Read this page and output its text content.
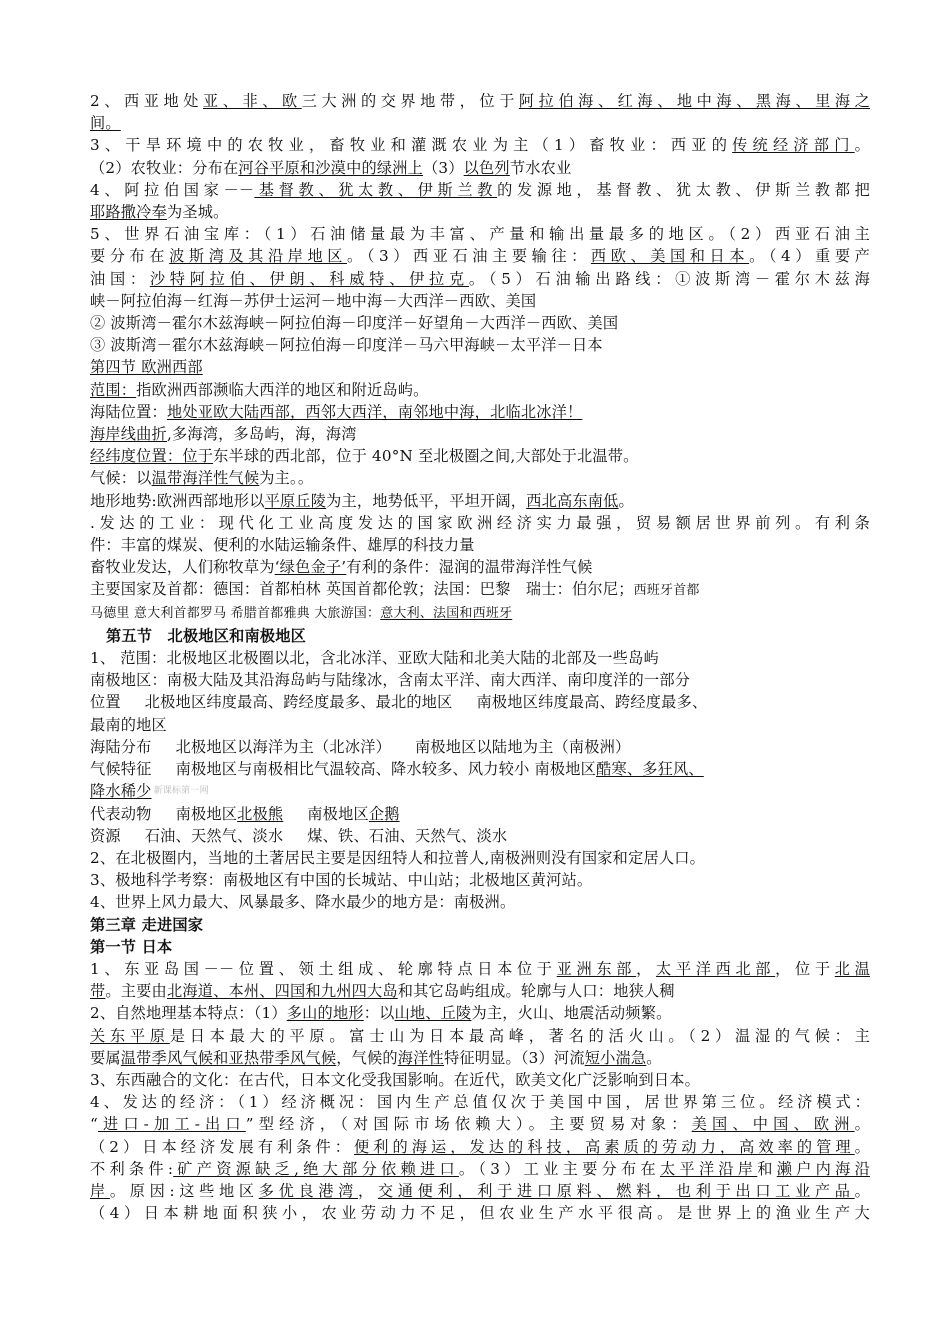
2、西亚地处亚、非、欧三大洲的交界地带，位于阿拉伯海、红海、地中海、黑海、里海之
间。
3、干旱环境中的农牧业，畜牧业和灌溉农业为主（1）畜牧业：西亚的传统经济部门。
（2）农牧业：分布在河谷平原和沙漠中的绿洲上（3）以色列节水农业
4、阿拉伯国家－－基督教、犹太教、伊斯兰教的发源地，基督教、犹太教、伊斯兰教都把
耶路撒冷奉为圣城。
5、世界石油宝库：（1）石油储量最为丰富、产量和输出量最多的地区。（2）西亚石油主
要分布在波斯湾及其沿岸地区。（3）西亚石油主要输往：西欧、美国和日本。（4）重要产
油国：沙特阿拉伯、伊朗、科威特、伊拉克。（5）石油输出路线：①波斯湾－霍尔木兹海
峡－阿拉伯海－红海－苏伊士运河－地中海－大西洋－西欧、美国
② 波斯湾－霍尔木兹海峡－阿拉伯海－印度洋－好望角－大西洋－西欧、美国
③ 波斯湾－霍尔木兹海峡－阿拉伯海－印度洋－马六甲海峡－太平洋－日本
第四节 欧洲西部
范围：指欧洲西部濒临大西洋的地区和附近岛屿。
海陆位置：地处亚欧大陆西部，西邻大西洋，南邻地中海，北临北冰洋！
海岸线曲折,多海湾，多岛屿，海，海湾
经纬度位置：位于东半球的西北部，位于 40°N 至北极圈之间,大部处于北温带。
气候：以温带海洋性气候为主。。
地形地势:欧洲西部地形以平原丘陵为主，地势低平，平坦开阔，西北高东南低。
.发达的工业：现代化工业高度发达的国家欧洲经济实力最强，贸易额居世界前列。有利条
件：丰富的煤炭、便利的水陆运输条件、雄厚的科技力量
畜牧业发达，人们称牧草为‘绿色金子’有利的条件：湿润的温带海洋性气候
主要国家及首都：德国：首都柏林 英国首都伦敦；法国：巴黎　瑞士：伯尔尼；西班牙首都
马德里 意大利首都罗马 希腊首都雅典 大旅游国：意大利、法国和西班牙
第五节　北极地区和南极地区
1、 范围：北极地区北极圈以北，含北冰洋、亚欧大陆和北美大陆的北部及一些岛屿
南极地区：南极大陆及其沿海岛屿与陆缘冰，含南太平洋、南大西洋、南印度洋的一部分
位置 北极地区纬度最高、跨经度最多、最北的地区 南极地区纬度最高、跨经度最多、
最南的地区
海陆分布 北极地区以海洋为主（北冰洋） 南极地区以陆地为主（南极洲）
气候特征 南极地区与南极相比气温较高、降水较多、风力较小 南极地区酷寒、多狂风、
降水稀少 新课标第一网
代表动物 南极地区北极熊 南极地区企鹅
资源 石油、天然气、淡水 煤、铁、石油、天然气、淡水
2、在北极圈内，当地的土著居民主要是因纽特人和拉普人,南极洲则没有国家和定居人口。
3、极地科学考察：南极地区有中国的长城站、中山站；北极地区黄河站。
4、世界上风力最大、风暴最多、降水最少的地方是：南极洲。
第三章 走进国家
第一节 日本
1、东亚岛国－－位置、领土组成、轮廓特点日本位于亚洲东部，太平洋西北部，位于北温
带。主要由北海道、本州、四国和九州四大岛和其它岛屿组成。轮廓与人口：地狭人稠
2、自然地理基本特点：（1）多山的地形：以山地、丘陵为主，火山、地震活动频繁。
关东平原是日本最大的平原。富士山为日本最高峰，著名的活火山。（2）温湿的气候：主
要属温带季风气候和亚热带季风气候，气候的海洋性特征明显。（3）河流短小湍急。
3、东西融合的文化：在古代，日本文化受我国影响。在近代，欧美文化广泛影响到日本。
4、发达的经济：（1）经济概况：国内生产总值仅次于美国中国，居世界第三位。经济模式：
“进口-加工-出口”型经济，（对国际市场依赖大）。主要贸易对象：美国、中国、欧洲。
（2）日本经济发展有利条件：便利的海运，发达的科技，高素质的劳动力，高效率的管理。
不利条件:矿产资源缺乏,绝大部分依赖进口。（3）工业主要分布在太平洋沿岸和濑户内海沿
岸。原因:这些地区多优良港湾，交通便利，利于进口原料、燃料，也利于出口工业产品。
（4）日本耕地面积狭小，农业劳动力不足，但农业生产水平很高。是世界上的渔业生产大
